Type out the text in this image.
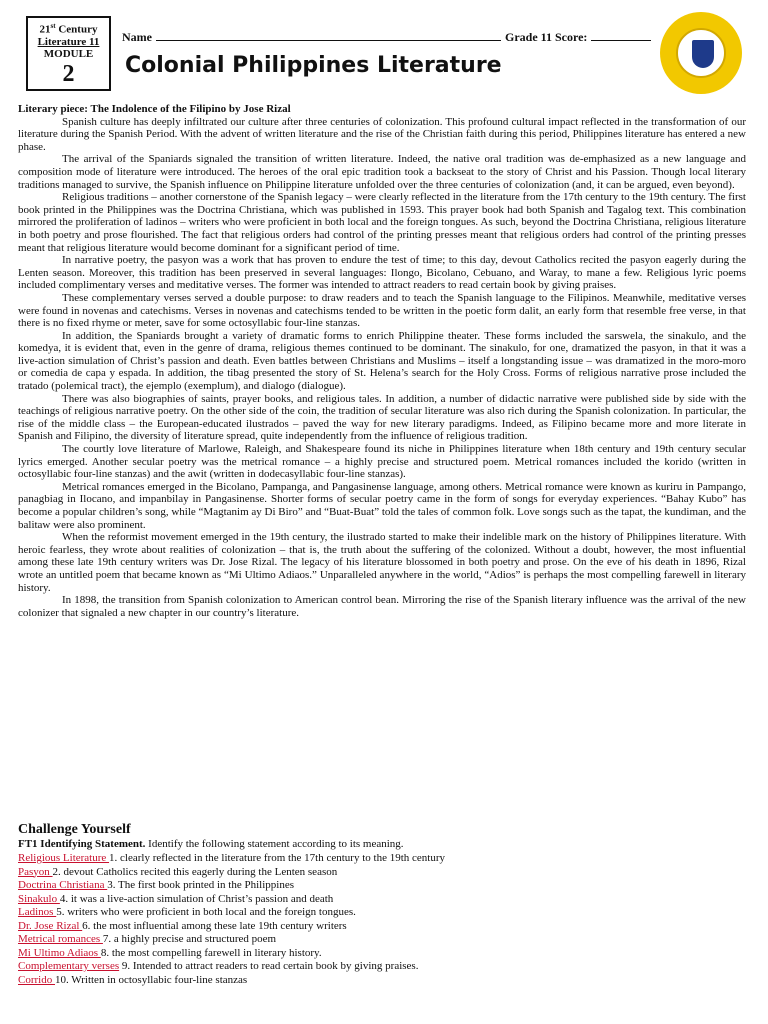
21st Century
Literature 11
MODULE
2
Name	Grade 11 Score:
Colonial Philippines Literature
Literary piece: The Indolence of the Filipino by Jose Rizal

Spanish culture has deeply infiltrated our culture after three centuries of colonization. This profound cultural impact reflected in the transformation of our literature during the Spanish Period. With the advent of written literature and the rise of the Christian faith during this period, Philippines literature has entered a new phase.

The arrival of the Spaniards signaled the transition of written literature. Indeed, the native oral tradition was de-emphasized as a new language and composition mode of literature were introduced. The heroes of the oral epic tradition took a backseat to the story of Christ and his Passion. Though local literary traditions managed to survive, the Spanish influence on Philippine literature unfolded over the three centuries of colonization (and, it can be argued, even beyond).

Religious traditions – another cornerstone of the Spanish legacy – were clearly reflected in the literature from the 17th century to the 19th century. The first book printed in the Philippines was the Doctrina Christiana, which was published in 1593. This prayer book had both Spanish and Tagalog text. This combination mirrored the proliferation of ladinos – writers who were proficient in both local and the foreign tongues. As such, beyond the Doctrina Christiana, religious literature in both poetry and prose flourished. The fact that religious orders had control of the printing presses meant that religious orders had control of the printing presses meant that religious literature would become dominant for a significant period of time.

In narrative poetry, the pasyon was a work that has proven to endure the test of time; to this day, devout Catholics recited the pasyon eagerly during the Lenten season. Moreover, this tradition has been preserved in several languages: Ilongo, Bicolano, Cebuano, and Waray, to mane a few. Religious lyric poems included complimentary verses and meditative verses. The former was intended to attract readers to read certain book by giving praises.

These complementary verses served a double purpose: to draw readers and to teach the Spanish language to the Filipinos. Meanwhile, meditative verses were found in novenas and catechisms. Verses in novenas and catechisms tended to be written in the poetic form dalit, an early form that resemble free verse, in that there is no fixed rhyme or meter, save for some octosyllabic four-line stanzas.

In addition, the Spaniards brought a variety of dramatic forms to enrich Philippine theater. These forms included the sarswela, the sinakulo, and the komedya, it is evident that, even in the genre of drama, religious themes continued to be dominant. The sinakulo, for one, dramatized the pasyon, in that it was a live-action simulation of Christ’s passion and death. Even battles between Christians and Muslims – itself a longstanding issue – was dramatized in the moro-moro or comedia de capa y espada. In addition, the tibag presented the story of St. Helena’s search for the Holy Cross. Forms of religious narrative prose included the tratado (polemical tract), the ejemplo (exemplum), and dialogo (dialogue).

There was also biographies of saints, prayer books, and religious tales. In addition, a number of didactic narrative were published side by side with the teachings of religious narrative poetry. On the other side of the coin, the tradition of secular literature was also rich during the Spanish colonization. In particular, the rise of the middle class – the European-educated ilustrados – paved the way for new literary paradigms. Indeed, as Filipino became more and more literate in Spanish and Filipino, the diversity of literature spread, quite independently from the influence of religious tradition.

The courtly love literature of Marlowe, Raleigh, and Shakespeare found its niche in Philippines literature when 18th century and 19th century secular lyrics emerged. Another secular poetry was the metrical romance – a highly precise and structured poem. Metrical romances included the korido (written in octosyllabic four-line stanzas) and the awit (written in dodecasyllabic four-line stanzas).

Metrical romances emerged in the Bicolano, Pampanga, and Pangasinense language, among others. Metrical romance were known as kuriru in Pampango, panagbiag in Ilocano, and impanbilay in Pangasinense. Shorter forms of secular poetry came in the form of songs for everyday experiences. “Bahay Kubo” has become a popular children’s song, while “Magtanim ay Di Biro” and “Buat-Buat” told the tales of common folk. Love songs such as the tapat, the kundiman, and the balitaw were also prominent.

When the reformist movement emerged in the 19th century, the ilustrado started to make their indelible mark on the history of Philippines literature. With heroic fearless, they wrote about realities of colonization – that is, the truth about the suffering of the colonized. Without a doubt, however, the most influential among these late 19th century writers was Dr. Jose Rizal. The legacy of his literature blossomed in both poetry and prose. On the eve of his death in 1896, Rizal wrote an untitled poem that became known as “Mi Ultimo Adiaos.” Unparalleled anywhere in the world, “Adios” is perhaps the most compelling farewell in literary history.

In 1898, the transition from Spanish colonization to American control bean. Mirroring the rise of the Spanish literary influence was the arrival of the new colonizer that signaled a new chapter in our country’s literature.

Challenge Yourself
FT1 Identifying Statement. Identify the following statement according to its meaning.
Religious Literature 1. clearly reflected in the literature from the 17th century to the 19th century
Pasyon 2. devout Catholics recited this eagerly during the Lenten season
Doctrina Christiana 3. The first book printed in the Philippines
Sinakulo 4. it was a live-action simulation of Christ’s passion and death
Ladinos 5. writers who were proficient in both local and the foreign tongues.
Dr. Jose Rizal 6. the most influential among these late 19th century writers
Metrical romances 7. a highly precise and structured poem
Mi Ultimo Adiaos 8. the most compelling farewell in literary history.
Complementary verses 9. Intended to attract readers to read certain book by giving praises.
Corrido 10. Written in octosyllabic four-line stanzas
